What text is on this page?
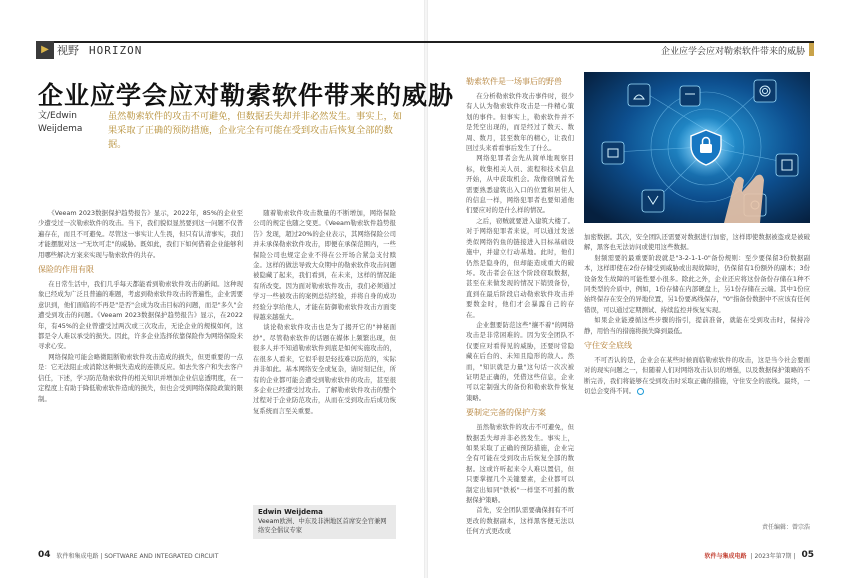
▶ 视野 HORIZON	企业应学会应对勒索软件带来的威胁
企业应学会应对勒索软件带来的威胁
文/Edwin
Weijdema
虽然勒索软件的攻击不可避免，但数据丢失却并非必然发生。事实上，如果采取了正确的预防措施，企业完全有可能在受到攻击后恢复全部的数据。

《Veeam 2023数据保护趋势报告》显示，2022年，85%的企业至少遭受过一次勒索软件的攻击。当下，我们貌似显然要到这一问题不仅普遍存在，而且不可避免。尽管这一事实让人生畏，但只有认清事实，我们才能摆脱对这一"无坎可走"的威胁。既如此，我们下如何借着企业能够利用哪些解决方案来实现与勒索软件的共存。

保险的作用有限

在日常生活中，我们几乎每天都能看到勒索软件攻击的新闻。这种现象已经成为广泛且普遍的难题，考虑到勒索软件攻击的普遍性，企业需要意识到，他们面临的不再是"是否"会成为攻击目标的问题，而是"多久"会遭受到攻击的问题。《Veeam 2023数据保护趋势报告》显示，在2022年，有45%的企业曾遭受过两次或三次攻击，无论企业的规模如何，这都是令人难以承受的损失。因此，许多企业选择依靠保险作为网络保险来寻求心安。

网络保险可能会略微阻断勒索软件攻击造成的损失，但更重要的一点是：它无法阻止或消除这种损失造成的连锁反应。如去失客户和失去客户信任，下述，学习防范勒索软件的相关知识并增加企业信息透明度，在一定程度上有助于降低勒索软件造成的损失，但也会受到网络保险政策的限制。

随着勒索软件攻击数量的不断增加，网络保险公司的规定也随之变更。《Veeam勒索软件趋势报告》发现，超过20%的企业表示，其网络保险公司并未承保勒索软件攻击，即便在承保范围内，一些保险公司也规定企业不得在公开场合紧急支付赎金。这样的做法导致大众期中的勒索软件攻击问题被隐藏了起来，我们看到，在未来，这样的情况能有所改变。因为面对勒索软件攻击，我们必须通过学习一些被攻击的案例总结经验，并将自身的成功经验分享给他人，才能在防御勒索软件攻击方面变得越来越强大。

谈论勒索软件攻击也是为了揭开它的"神秘面纱"。尽管勒索软件的话题在媒体上频繁出现，但很多人并不知道勒索软件到底是如何实施攻击的，在很多人看来，它似乎很是轻技难以防范的，实际并非如此。基本网络安全或复杂，请时刻记住，所有的企业都可能会遭受到勒索软件的攻击，甚至很多企业已经遭受过攻击。了解勒索软件攻击的整个过程对于企业防范攻击，从而在受到攻击后成功恢复系统而言至关重要。

Edwin Weijdema
Veeam欧洲、中东及非洲地区首席安全官兼网络安全倡议专家

勒索软件是一场事后的野兽

在分析勒索软件攻击事件时，很少有人认为勒索软件攻击是一件精心策划的事件。但事实上，勒索软件并不是凭空出现的，而是经过了数天、数周、数月，甚至数年的精心，让我们回过头来看看事后发生了什么。

网络犯罪者会先从简单地观察目标，收集相关人员、流程和技术信息开始，从中获取机会。敌像窃贼首先需要熟悉建筑出入口的位置和居住人的信息一样，网络犯罪者也要知道他们要应对的是什么样的情况。

之后，窃贼就要进入建筑大楼了。对于网络犯罪者来说，可以通过发送类似网络钓鱼的链接进入目标基础设施中，并建立行动基地。此时，他们仍然是隐身的，但却能造成重大的破坏。攻击者会在这个阶段窃取数据，甚至在来做发现的情况下销毁备份，直到在最后阶段启动勒索软件攻击并要数金时，他们才会暴露自己的存在。

企业想要防范这些"攘不着"的网络攻击是非常困难的。因为安全团队不仅要应对看得见的威胁，还要时常隐藏在后台的、未知且隐形的敌人。然而，"知识就是力量"这句话一次次被证明是正确的，凭借这些信息，企业可以定制强大的备份和勒索软件恢复策略。

要制定完备的保护方案

虽然勒索软件的攻击不可避免，但数据丢失却并非必然发生。事实上，如果采取了正确的预防措施，企业完全有可能在受到攻击后恢复全部的数据。这或许听起来令人难以置信，但只要掌握几个关键要素，企业都可以制定出如同"铁板"一样坚不可摧的数据保护策略。

首先，安全团队需要确保拥有不可更改的数据副本，这样黑客便无法以任何方式更改或

加密数据。其次，安全团队还需要对数据进行加密，这样即使数据被盗或是被破解，黑客也无法访问或使用这些数据。

射频需要的最重要阶段就是"3-2-1-1-0"备份规则：至少要保留3份数据副本，这样即使在2份存储受到威胁或出现故障时，仍保留有1份额外的副本；3份设备发生故障的可能性要小很多。除此之外，企业还应将这份备份存储在1种不同类型的介质中，例如，1份存储在内部硬盘上，另1份存储在云端。其中1份应始终保存在安全的异地位置，另1份要离线保存，"0"指备份数据中不应该有任何错误，可以通过定期测试、持续监控并恢复实现。

如果企业能遵循这些步骤的指引，提前准备，就能在受到攻击时，保持冷静，用恰当的措施将损失降到最低。

守住安全底线

不可否认的是，企业会在某些时候面临勒索软件的攻击，这是当今社会要面对的现实问题之一，但随着人们对网络攻击认识的增强，以及数据保护策略的不断完善，我们将能够在受到攻击时采取正确的措施，守住安全的底线。最终，一切总会变得不同。

责任编辑：曾宗浩
04 软件和集成电路 | SOFTWARE AND INTEGRATED CIRCUIT	软件与集成电路 | 2023年第7期 | 05
